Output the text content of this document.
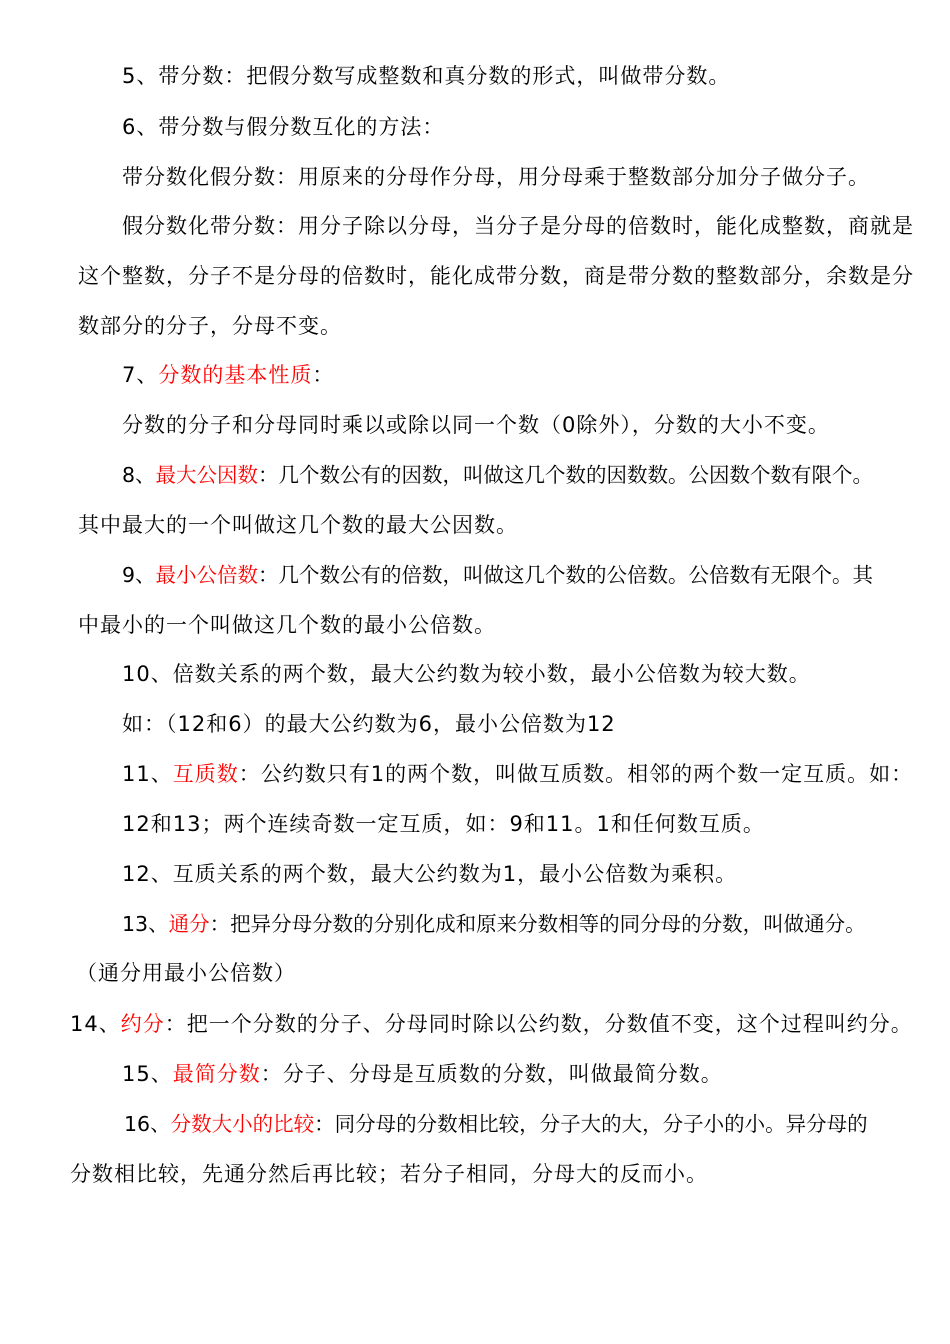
5、带分数：把假分数写成整数和真分数的形式，叫做带分数。
6、带分数与假分数互化的方法：
带分数化假分数：用原来的分母作分母，用分母乘于整数部分加分子做分子。
假分数化带分数：用分子除以分母，当分子是分母的倍数时，能化成整数，商就是
这个整数，分子不是分母的倍数时，能化成带分数，商是带分数的整数部分，余数是分
数部分的分子，分母不变。
7、分数的基本性质：
分数的分子和分母同时乘以或除以同一个数（0除外），分数的大小不变。
8、最大公因数：几个数公有的因数，叫做这几个数的因数数。公因数个数有限个。
其中最大的一个叫做这几个数的最大公因数。
9、最小公倍数：几个数公有的倍数，叫做这几个数的公倍数。公倍数有无限个。其
中最小的一个叫做这几个数的最小公倍数。
10、倍数关系的两个数，最大公约数为较小数，最小公倍数为较大数。
如：（12和6）的最大公约数为6，最小公倍数为12
11、互质数：公约数只有1的两个数，叫做互质数。相邻的两个数一定互质。如：
12和13；两个连续奇数一定互质，如：9和11。1和任何数互质。
12、互质关系的两个数，最大公约数为1，最小公倍数为乘积。
13、通分：把异分母分数的分别化成和原来分数相等的同分母的分数，叫做通分。
（通分用最小公倍数）
14、约分：把一个分数的分子、分母同时除以公约数，分数值不变，这个过程叫约分。
15、最简分数：分子、分母是互质数的分数，叫做最简分数。
16、分数大小的比较：同分母的分数相比较，分子大的大，分子小的小。异分母的
分数相比较，先通分然后再比较；若分子相同，分母大的反而小。
